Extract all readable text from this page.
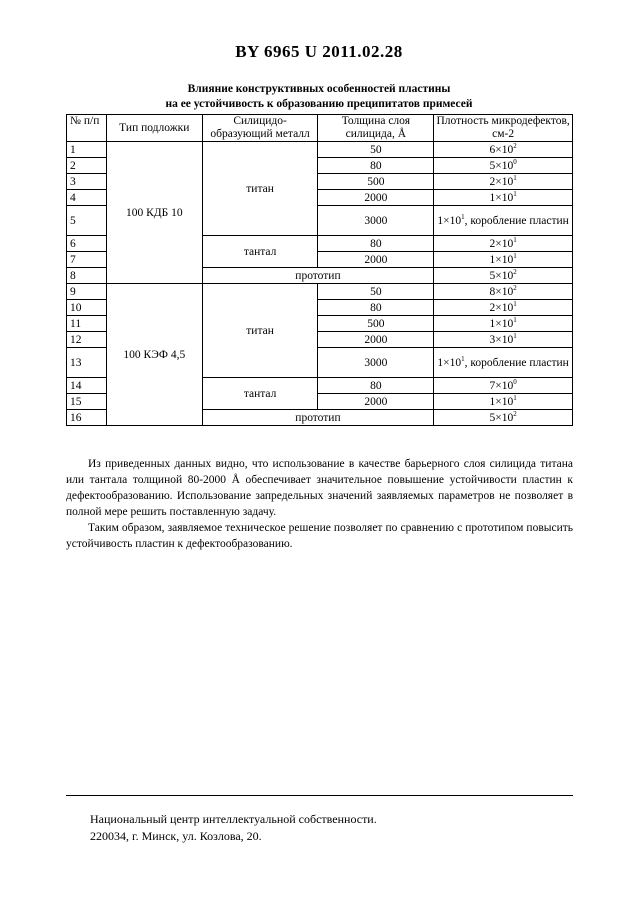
BY 6965 U 2011.02.28
Влияние конструктивных особенностей пластины
на ее устойчивость к образованию преципитатов примесей
№ п/п	Тип подложки	Силицидо-образующий металл	Толщина слоя силицида, Å	Плотность микродефектов, см-2
1	100 КДБ 10	титан	50	$6\times 10^2$
2			80	$5\times 10^0$
3			500	$2\times 10^1$
4			2000	$1\times 10^1$
5			3000	$1\times 10^1$, коробление пластин
6		тантал	80	$2\times 10^1$
7			2000	$1\times 10^1$
8		прототип		$5\times 10^2$
9	100 КЭФ 4,5	титан	50	$8\times 10^2$
10			80	$2\times 10^1$
11			500	$1\times 10^1$
12			2000	$3\times 10^1$
13			3000	$1\times 10^1$, коробление пластин
14		тантал	80	$7\times 10^0$
15			2000	$1\times 10^1$
16		прототип		$5\times 10^2$

Из приведенных данных видно, что использование в качестве барьерного слоя силицида титана или тантала толщиной 80-2000 Å обеспечивает значительное повышение устойчивости пластин к дефектообразованию. Использование запредельных значений заявляемых параметров не позволяет в полной мере решить поставленную задачу.

Таким образом, заявляемое техническое решение позволяет по сравнению с прототипом повысить устойчивость пластин к дефектообразованию.

Национальный центр интеллектуальной собственности.
220034, г. Минск, ул. Козлова, 20.
